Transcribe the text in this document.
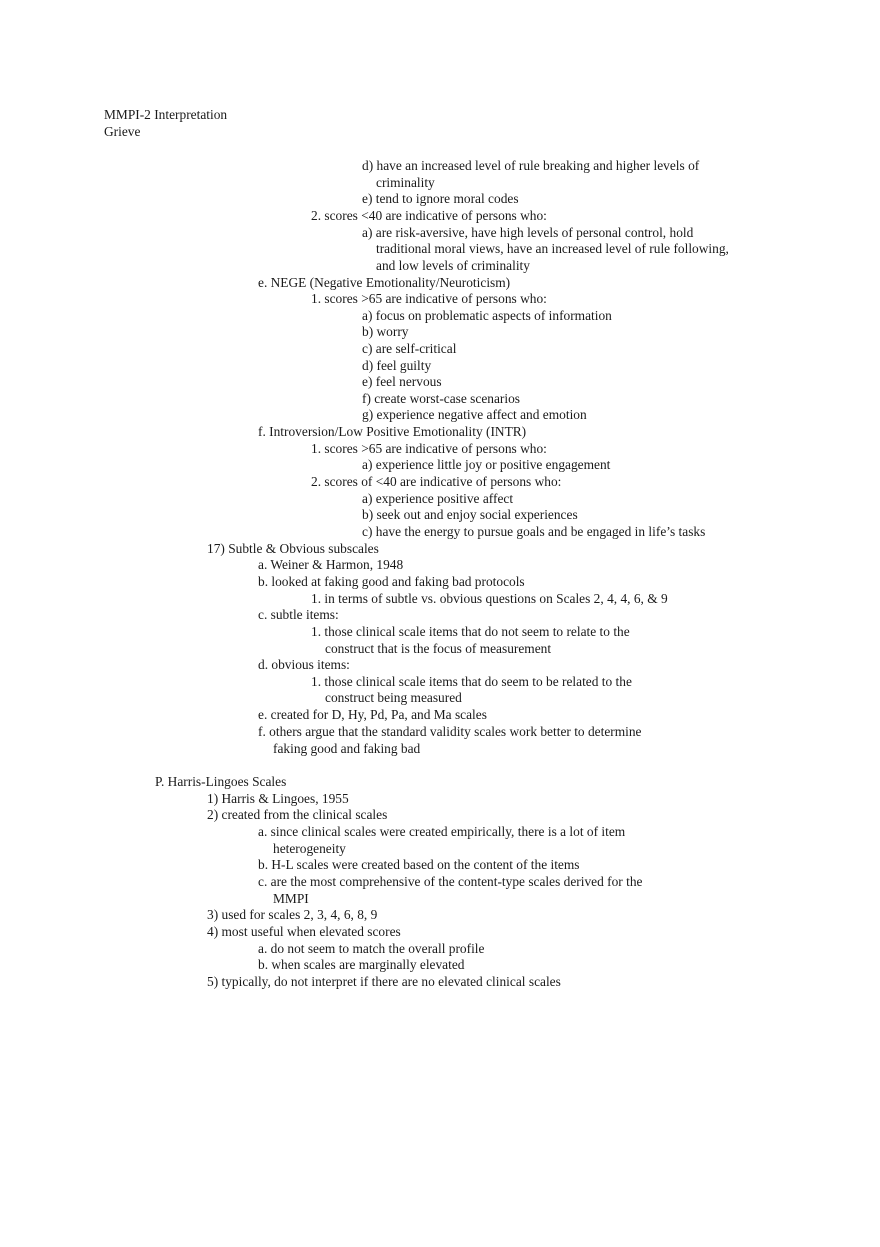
MMPI-2 Interpretation
Grieve
d) have an increased level of rule breaking and higher levels of
criminality
e) tend to ignore moral codes
2. scores <40 are indicative of persons who:
a) are risk-aversive, have high levels of personal control, hold
traditional moral views, have an increased level of rule following,
and low levels of criminality
e. NEGE (Negative Emotionality/Neuroticism)
1. scores >65 are indicative of persons who:
a) focus on problematic aspects of information
b) worry
c) are self-critical
d) feel guilty
e) feel nervous
f) create worst-case scenarios
g) experience negative affect and emotion
f. Introversion/Low Positive Emotionality (INTR)
1. scores >65 are indicative of persons who:
a) experience little joy or positive engagement
2. scores of <40 are indicative of persons who:
a) experience positive affect
b) seek out and enjoy social experiences
c) have the energy to pursue goals and be engaged in life’s tasks
17) Subtle & Obvious subscales
a. Weiner & Harmon, 1948
b. looked at faking good and faking bad protocols
1. in terms of subtle vs. obvious questions on Scales 2, 4, 4, 6, & 9
c. subtle items:
1. those clinical scale items that do not seem to relate to the
construct that is the focus of measurement
d. obvious items:
1. those clinical scale items that do seem to be related to the
construct being measured
e. created for D, Hy, Pd, Pa, and Ma scales
f. others argue that the standard validity scales work better to determine
faking good and faking bad
P. Harris-Lingoes Scales
1) Harris & Lingoes, 1955
2) created from the clinical scales
a. since clinical scales were created empirically, there is a lot of item
heterogeneity
b. H-L scales were created based on the content of the items
c. are the most comprehensive of the content-type scales derived for the
MMPI
3) used for scales 2, 3, 4, 6, 8, 9
4) most useful when elevated scores
a. do not seem to match the overall profile
b. when scales are marginally elevated
5) typically, do not interpret if there are no elevated clinical scales
